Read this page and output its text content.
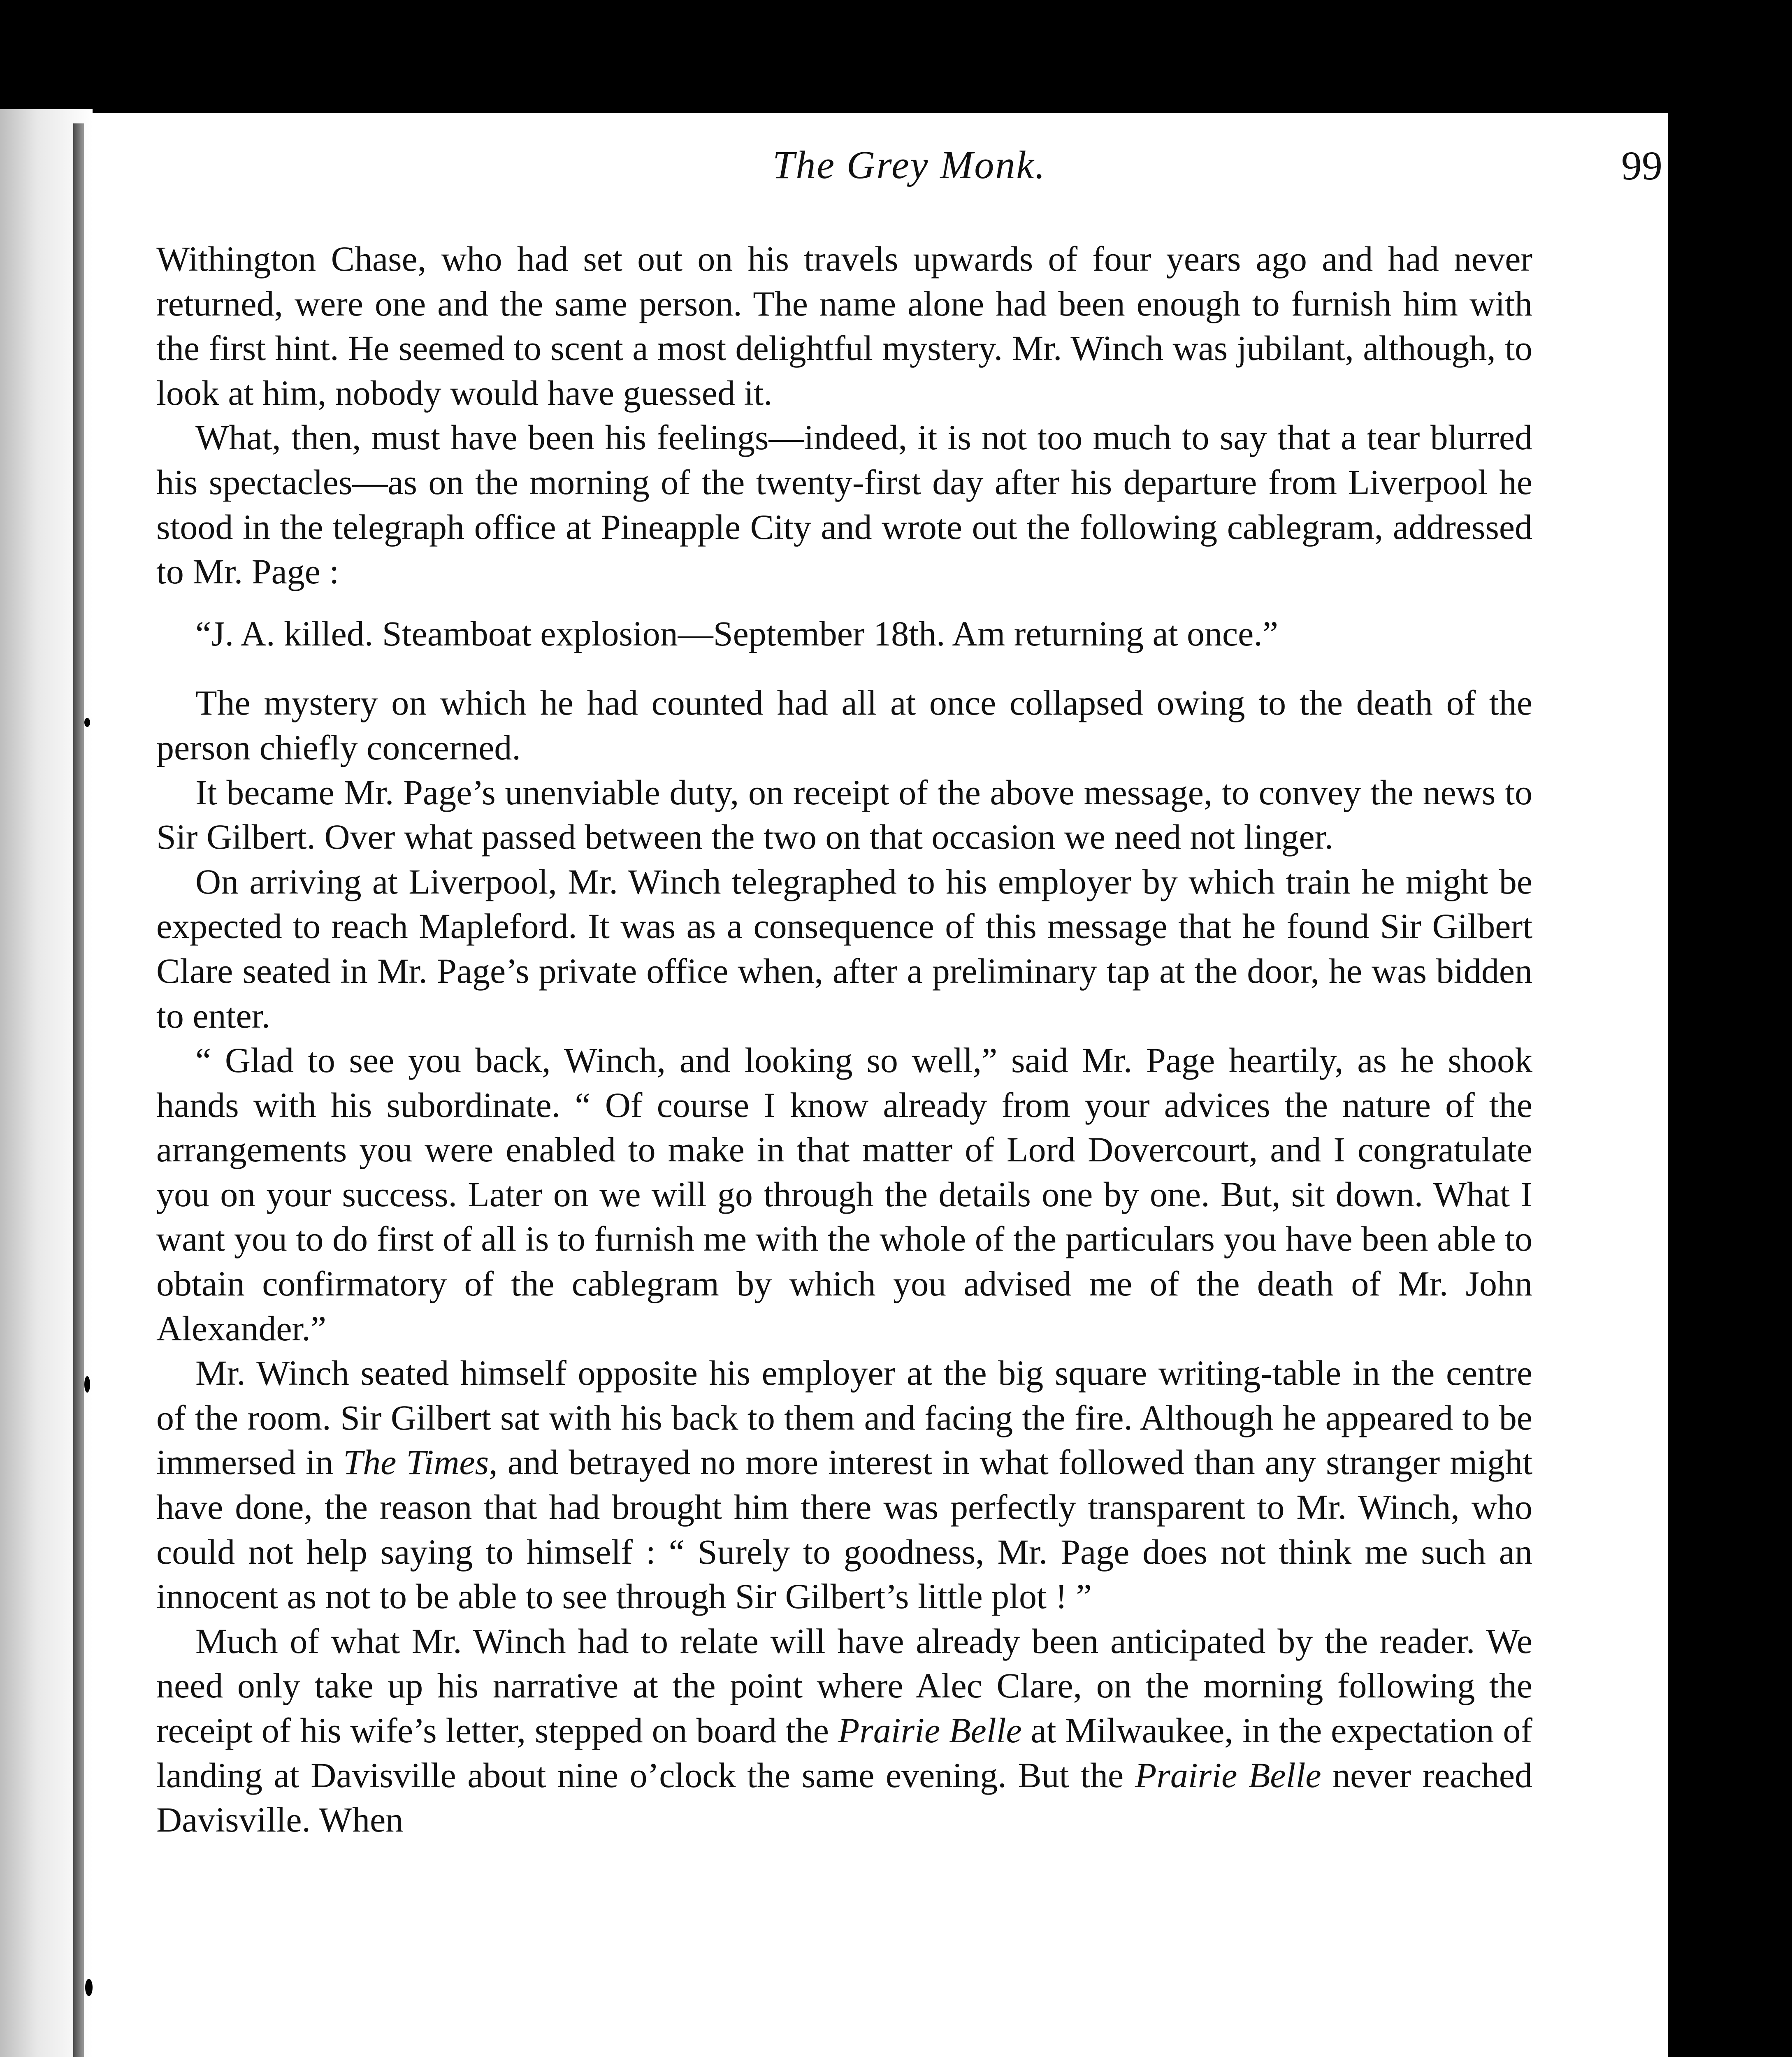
The Grey Monk.	99

Withington Chase, who had set out on his travels upwards of four years ago and had never returned, were one and the same person. The name alone had been enough to furnish him with the first hint. He seemed to scent a most delightful mystery. Mr. Winch was jubilant, although, to look at him, nobody would have guessed it.

What, then, must have been his feelings—indeed, it is not too much to say that a tear blurred his spectacles—as on the morning of the twenty-first day after his departure from Liverpool he stood in the telegraph office at Pineapple City and wrote out the following cablegram, addressed to Mr. Page :

“J. A. killed. Steamboat explosion—September 18th. Am returning at once.”

The mystery on which he had counted had all at once collapsed owing to the death of the person chiefly concerned.

It became Mr. Page’s unenviable duty, on receipt of the above message, to convey the news to Sir Gilbert. Over what passed between the two on that occasion we need not linger.

On arriving at Liverpool, Mr. Winch telegraphed to his employer by which train he might be expected to reach Mapleford. It was as a consequence of this message that he found Sir Gilbert Clare seated in Mr. Page’s private office when, after a preliminary tap at the door, he was bidden to enter.

“ Glad to see you back, Winch, and looking so well,” said Mr. Page heartily, as he shook hands with his subordinate. “ Of course I know already from your advices the nature of the arrangements you were enabled to make in that matter of Lord Dovercourt, and I congratulate you on your success. Later on we will go through the details one by one. But, sit down. What I want you to do first of all is to furnish me with the whole of the particulars you have been able to obtain confirmatory of the cablegram by which you advised me of the death of Mr. John Alexander.”

Mr. Winch seated himself opposite his employer at the big square writing-table in the centre of the room. Sir Gilbert sat with his back to them and facing the fire. Although he appeared to be immersed in The Times, and betrayed no more interest in what followed than any stranger might have done, the reason that had brought him there was perfectly transparent to Mr. Winch, who could not help saying to himself : “ Surely to goodness, Mr. Page does not think me such an innocent as not to be able to see through Sir Gilbert’s little plot ! ”

Much of what Mr. Winch had to relate will have already been anticipated by the reader. We need only take up his narrative at the point where Alec Clare, on the morning following the receipt of his wife’s letter, stepped on board the Prairie Belle at Milwaukee, in the expectation of landing at Davisville about nine o’clock the same evening. But the Prairie Belle never reached Davisville. When
